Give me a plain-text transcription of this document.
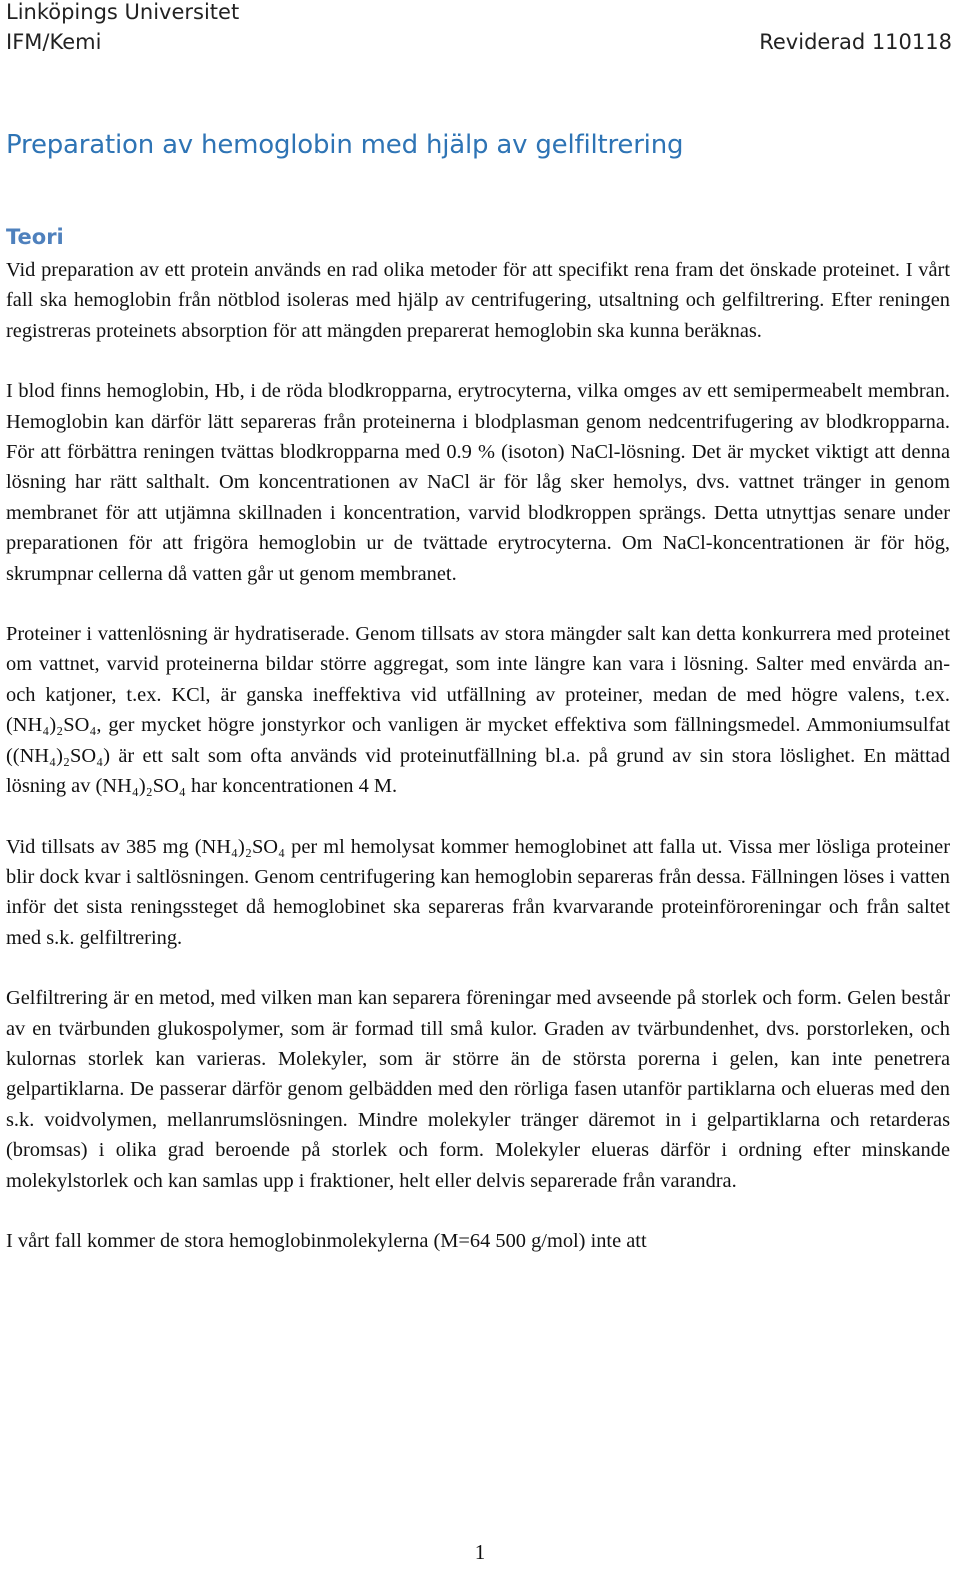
Linköpings Universitet
IFM/Kemi	Reviderad 110118
Preparation av hemoglobin med hjälp av gelfiltrering
Teori

Vid preparation av ett protein används en rad olika metoder för att specifikt rena fram det önskade proteinet. I vårt fall ska hemoglobin från nötblod isoleras med hjälp av centrifugering, utsaltning och gelfiltrering. Efter reningen registreras proteinets absorption för att mängden preparerat hemoglobin ska kunna beräknas.

I blod finns hemoglobin, Hb, i de röda blodkropparna, erytrocyterna, vilka omges av ett semipermeabelt membran. Hemoglobin kan därför lätt separeras från proteinerna i blodplasman genom nedcentrifugering av blodkropparna. För att förbättra reningen tvättas blodkropparna med 0.9 % (isoton) NaCl-lösning. Det är mycket viktigt att denna lösning har rätt salthalt. Om koncentrationen av NaCl är för låg sker hemolys, dvs. vattnet tränger in genom membranet för att utjämna skillnaden i koncentration, varvid blodkroppen sprängs. Detta utnyttjas senare under preparationen för att frigöra hemoglobin ur de tvättade erytrocyterna. Om NaCl-koncentrationen är för hög, skrumpnar cellerna då vatten går ut genom membranet.

Proteiner i vattenlösning är hydratiserade. Genom tillsats av stora mängder salt kan detta konkurrera med proteinet om vattnet, varvid proteinerna bildar större aggregat, som inte längre kan vara i lösning. Salter med envärda an- och katjoner, t.ex. KCl, är ganska ineffektiva vid utfällning av proteiner, medan de med högre valens, t.ex. (NH₄)₂SO₄, ger mycket högre jonstyrkor och vanligen är mycket effektiva som fällningsmedel. Ammoniumsulfat ((NH₄)₂SO₄) är ett salt som ofta används vid proteinutfällning bl.a. på grund av sin stora löslighet. En mättad lösning av (NH₄)₂SO₄ har koncentrationen 4 M.

Vid tillsats av 385 mg (NH₄)₂SO₄ per ml hemolysat kommer hemoglobinet att falla ut. Vissa mer lösliga proteiner blir dock kvar i saltlösningen. Genom centrifugering kan hemoglobin separeras från dessa. Fällningen löses i vatten inför det sista reningssteget då hemoglobinet ska separeras från kvarvarande proteinföroreningar och från saltet med s.k. gelfiltrering.

Gelfiltrering är en metod, med vilken man kan separera föreningar med avseende på storlek och form. Gelen består av en tvärbunden glukospolymer, som är formad till små kulor. Graden av tvärbundenhet, dvs. porstorleken, och kulornas storlek kan varieras. Molekyler, som är större än de största porerna i gelen, kan inte penetrera gelpartiklarna. De passerar därför genom gelbädden med den rörliga fasen utanför partiklarna och elueras med den s.k. voidvolymen, mellanrumslösningen. Mindre molekyler tränger däremot in i gelpartiklarna och retarderas (bromsas) i olika grad beroende på storlek och form. Molekyler elueras därför i ordning efter minskande molekylstorlek och kan samlas upp i fraktioner, helt eller delvis separerade från varandra.

I vårt fall kommer de stora hemoglobinmolekylerna (M=64 500 g/mol) inte att

1
